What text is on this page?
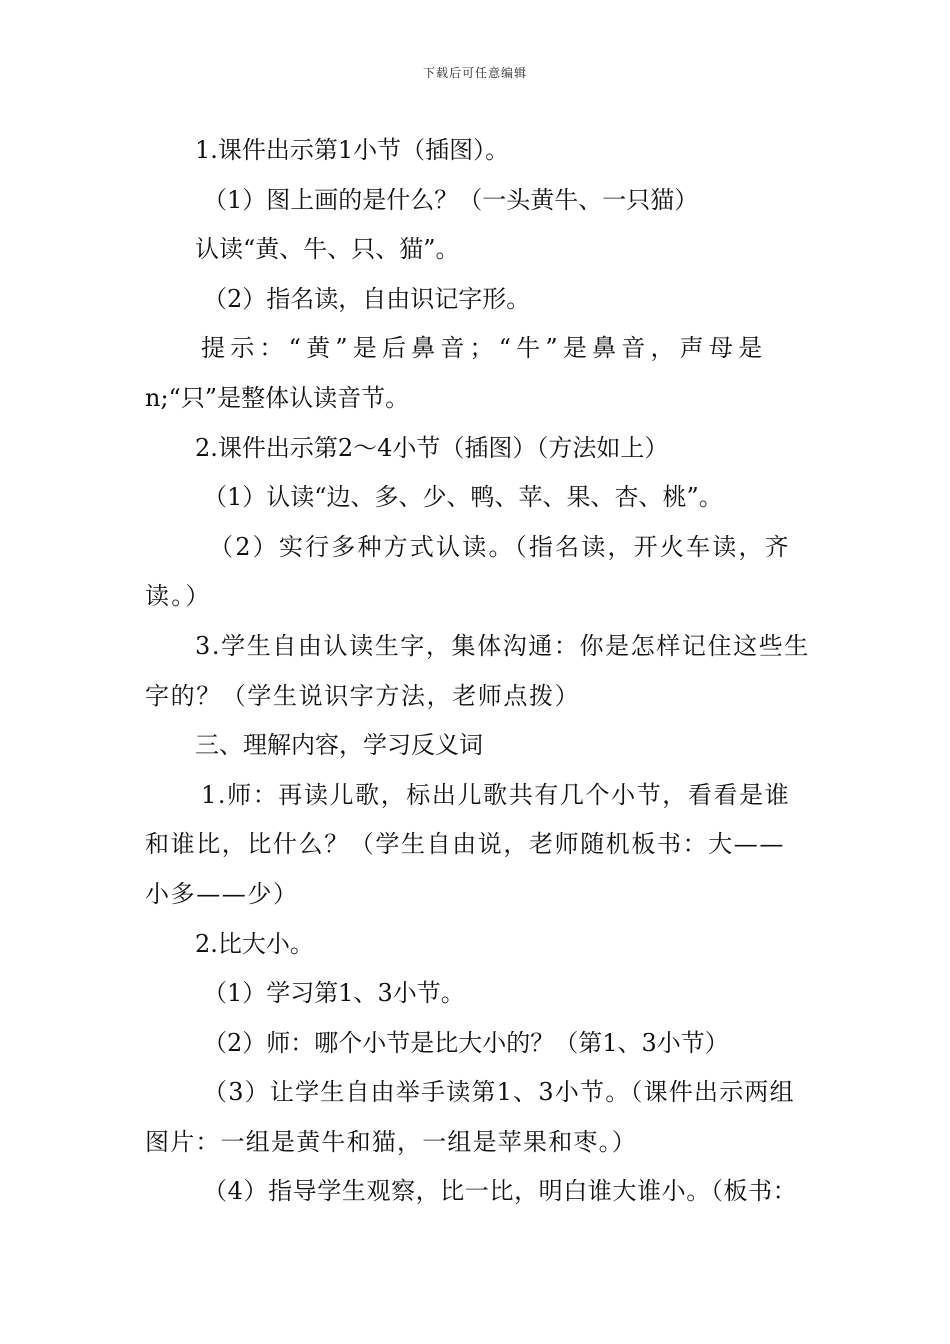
下载后可任意编辑

1.课件出示第1小节（插图）。

（1）图上画的是什么？（一头黄牛、一只猫）

认读“黄、牛、只、猫”。

（2）指名读，自由识记字形。

提示：“黄”是后鼻音；“牛”是鼻音，声母是

n;“只”是整体认读音节。

2.课件出示第2～4小节（插图）（方法如上）

（1）认读“边、多、少、鸭、苹、果、杏、桃”。

（2）实行多种方式认读。（指名读，开火车读，齐读。）

3.学生自由认读生字，集体沟通：你是怎样记住这些生字的？（学生说识字方法，老师点拨）

三、理解内容，学习反义词

1.师：再读儿歌，标出儿歌共有几个小节，看看是谁和谁比，比什么？（学生自由说，老师随机板书：大——小多——少）

2.比大小。

（1）学习第1、3小节。

（2）师：哪个小节是比大小的？（第1、3小节）

（3）让学生自由举手读第1、3小节。（课件出示两组图片：一组是黄牛和猫，一组是苹果和枣。）

（4）指导学生观察，比一比，明白谁大谁小。（板书：
